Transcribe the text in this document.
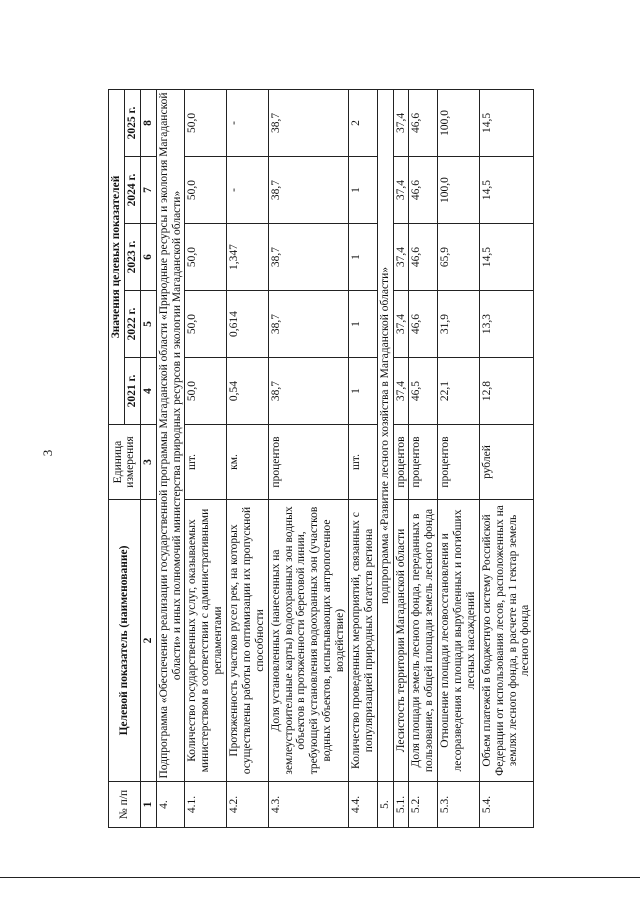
3
№ п/п	Целевой показатель (наименование)	Единица измерения	Значения целевых показателей				
			2021 г.	2022 г.	2023 г.	2024 г.	2025 г.
1	2	3	4	5	6	7	8
4.	Подпрограмма «Обеспечение реализации государственной программы Магаданской области «Природные ресурсы и экология Магаданской области» и иных полномочий министерства природных ресурсов и экологии Магаданской области»						
4.1.	Количество государственных услуг, оказываемых министерством в соответствии с административными регламентами	шт.	50,0	50,0	50,0	50,0	50,0
4.2.	Протяженность участков русел рек, на которых осуществлены работы по оптимизации их пропускной способности	км.	0,54	0,614	1,347	-	-
4.3.	Доля установленных (нанесенных на землеустроительные карты) водоохранных зон водных объектов в протяженности береговой линии, требующей установления водоохранных зон (участков водных объектов, испытывающих антропогенное воздействие)	процентов	38,7	38,7	38,7	38,7	38,7
4.4.	Количество проведенных мероприятий, связанных с популяризацией природных богатств региона	шт.	1	1	1	1	2
5.	подпрограмма «Развитие лесного хозяйства в Магаданской области»						
5.1.	Лесистость территории Магаданской области	процентов	37,4	37,4	37,4	37,4	37,4
5.2.	Доля площади земель лесного фонда, переданных в пользование, в общей площади земель лесного фонда	процентов	46,5	46,6	46,6	46,6	46,6
5.3.	Отношение площади лесовосстановления и лесоразведения к площади вырубленных и погибших лесных насаждений	процентов	22,1	31,9	65,9	100,0	100,0
5.4.	Объем платежей в бюджетную систему Российской Федерации от использования лесов, расположенных на землях лесного фонда, в расчете на 1 гектар земель лесного фонда	рублей	12,8	13,3	14,5	14,5	14,5
